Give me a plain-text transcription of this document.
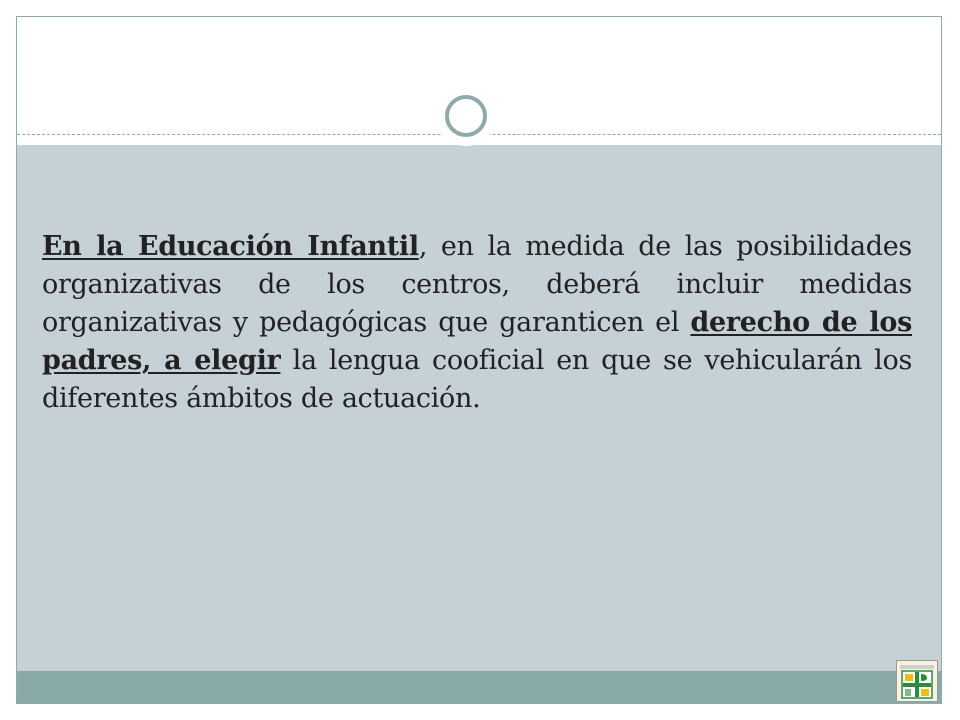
En la Educación Infantil, en la medida de las posibilidades organizativas de los centros, deberá incluir medidas organizativas y pedagógicas que garanticen el derecho de los padres, a elegir la lengua cooficial en que se vehicularán los diferentes ámbitos de actuación.
